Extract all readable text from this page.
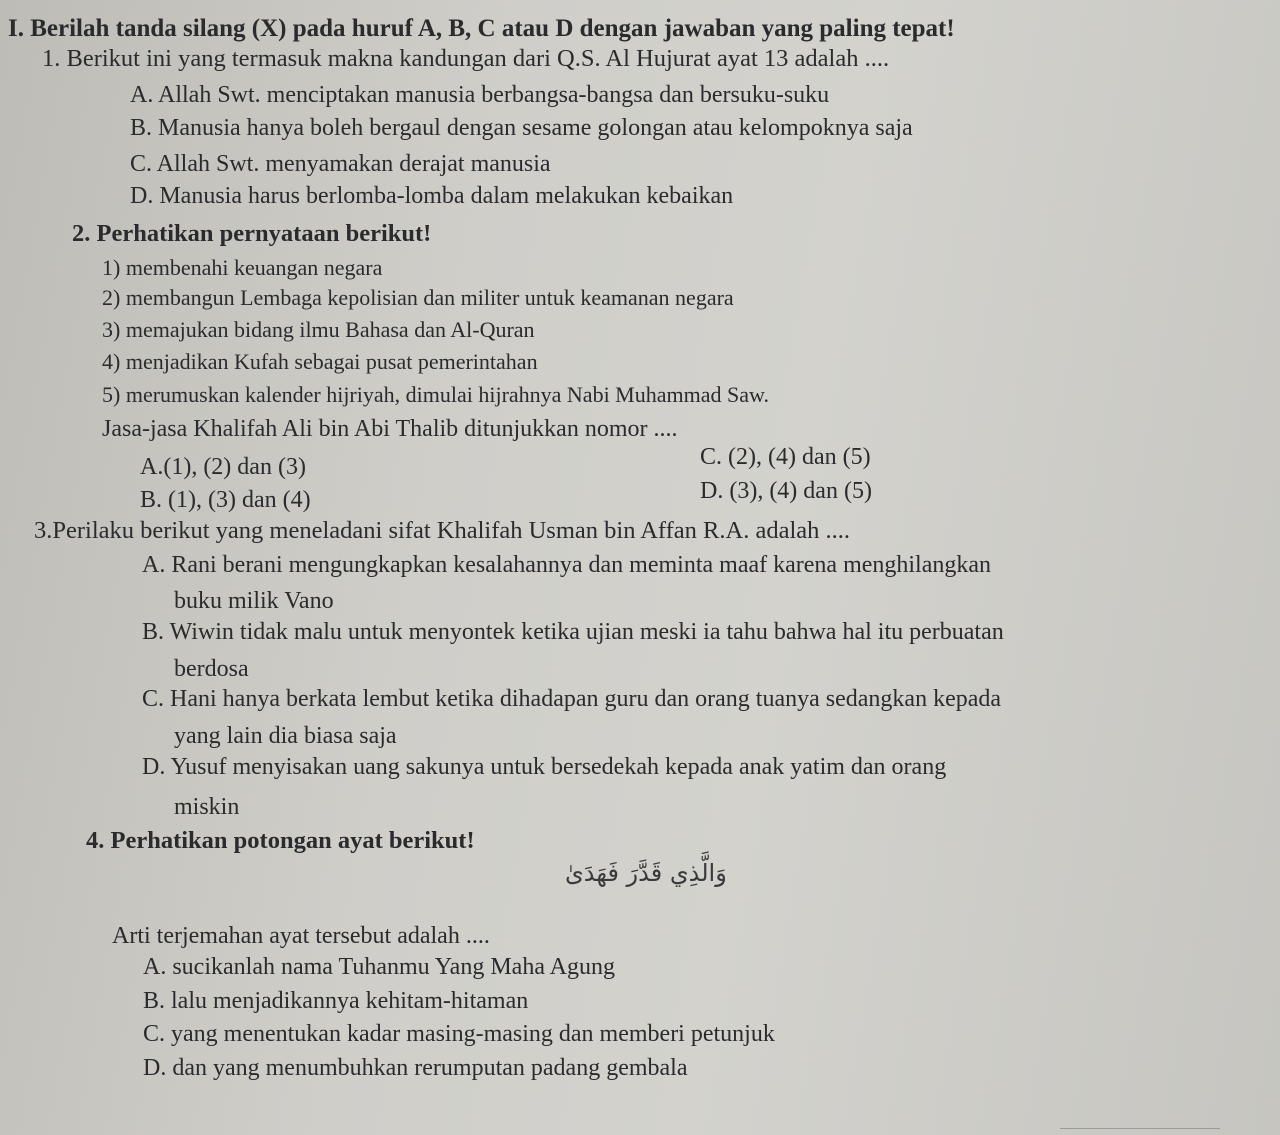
I. Berilah tanda silang (X) pada huruf A, B, C atau D dengan jawaban yang paling tepat!
1. Berikut ini yang termasuk makna kandungan dari Q.S. Al Hujurat ayat 13 adalah ....
A. Allah Swt. menciptakan manusia berbangsa-bangsa dan bersuku-suku
B. Manusia hanya boleh bergaul dengan sesame golongan atau kelompoknya saja
C. Allah Swt. menyamakan derajat manusia
D. Manusia harus berlomba-lomba dalam melakukan kebaikan
2. Perhatikan pernyataan berikut!
1) membenahi keuangan negara
2) membangun Lembaga kepolisian dan militer untuk keamanan negara
3) memajukan bidang ilmu Bahasa dan Al-Quran
4) menjadikan Kufah sebagai pusat pemerintahan
5) merumuskan kalender hijriyah, dimulai hijrahnya Nabi Muhammad Saw.
Jasa-jasa Khalifah Ali bin Abi Thalib ditunjukkan nomor ....
A.(1), (2) dan (3)
B. (1), (3) dan (4)
C. (2), (4) dan (5)
D. (3), (4) dan (5)
3.Perilaku berikut yang meneladani sifat Khalifah Usman bin Affan R.A. adalah ....
A. Rani berani mengungkapkan kesalahannya dan meminta maaf karena menghilangkan
buku milik Vano
B. Wiwin tidak malu untuk menyontek ketika ujian meski ia tahu bahwa hal itu perbuatan
berdosa
C. Hani hanya berkata lembut ketika dihadapan guru dan orang tuanya sedangkan kepada
yang lain dia biasa saja
D. Yusuf menyisakan uang sakunya untuk bersedekah kepada anak yatim dan orang
miskin
4. Perhatikan potongan ayat berikut!
وَالَّذِي قَدَّرَ فَهَدَىٰ
Arti terjemahan ayat tersebut adalah ....
A. sucikanlah nama Tuhanmu Yang Maha Agung
B. lalu menjadikannya kehitam-hitaman
C. yang menentukan kadar masing-masing dan memberi petunjuk
D. dan yang menumbuhkan rerumputan padang gembala
